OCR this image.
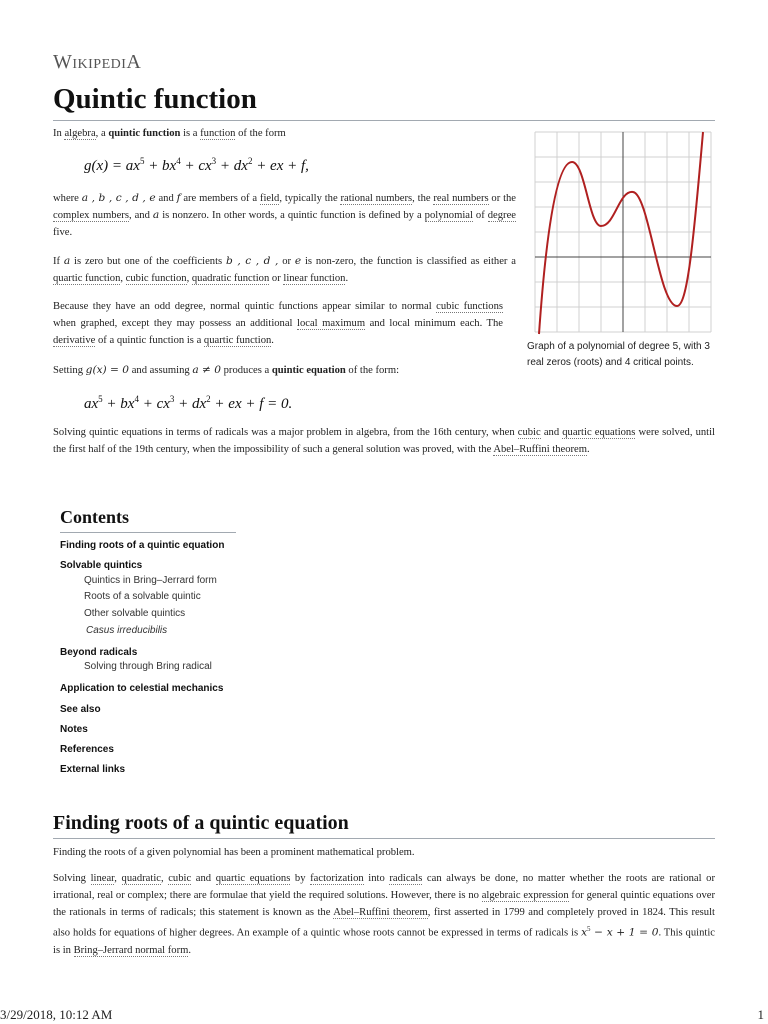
WikipediA
Quintic function

In algebra, a quintic function is a function of the form

$g(x) = ax^5 + bx^4 + cx^3 + dx^2$ + ex + f,

where a , b , c , d , e and f are members of a field, typically the rational numbers, the real numbers or the complex numbers, and a is nonzero. In other words, a quintic function is defined by a polynomial of degree five.

If a is zero but one of the coefficients b , c , d , or e is non-zero, the function is classified as either a quartic function, cubic function, quadratic function or linear function.

Because they have an odd degree, normal quintic functions appear similar to normal cubic functions when graphed, except they may possess an additional local maximum and local minimum each. The derivative of a quintic function is a quartic function.

Setting g(x) = 0 and assuming a ≠ 0 produces a quintic equation of the form:

$ax^5 + bx^4 + cx^3 + dx^2$ + ex + f = 0.

Solving quintic equations in terms of radicals was a major problem in algebra, from the 16th century, when cubic and quartic equations were solved, until the first half of the 19th century, when the impossibility of such a general solution was proved, with the Abel–Ruffini theorem.

Graph of a polynomial of degree 5, with 3 real zeros (roots) and 4 critical points.
Contents
Finding roots of a quintic equation
Solvable quintics
Quintics in Bring–Jerrard form
Roots of a solvable quintic
Other solvable quintics
Casus irreducibilis
Beyond radicals
Solving through Bring radical
Application to celestial mechanics
See also
Notes
References
External links
Finding roots of a quintic equation

Finding the roots of a given polynomial has been a prominent mathematical problem.

Solving linear, quadratic, cubic and quartic equations by factorization into radicals can always be done, no matter whether the roots are rational or irrational, real or complex; there are formulae that yield the required solutions. However, there is no algebraic expression for general quintic equations over the rationals in terms of radicals; this statement is known as the Abel–Ruffini theorem, first asserted in 1799 and completely proved in 1824. This result also holds for equations of higher degrees. An example of a quintic whose roots cannot be expressed in terms of radicals is $x^5 - x + 1 = 0$. This quintic is in Bring–Jerrard normal form.

3/29/2018, 10:12 AM	1
